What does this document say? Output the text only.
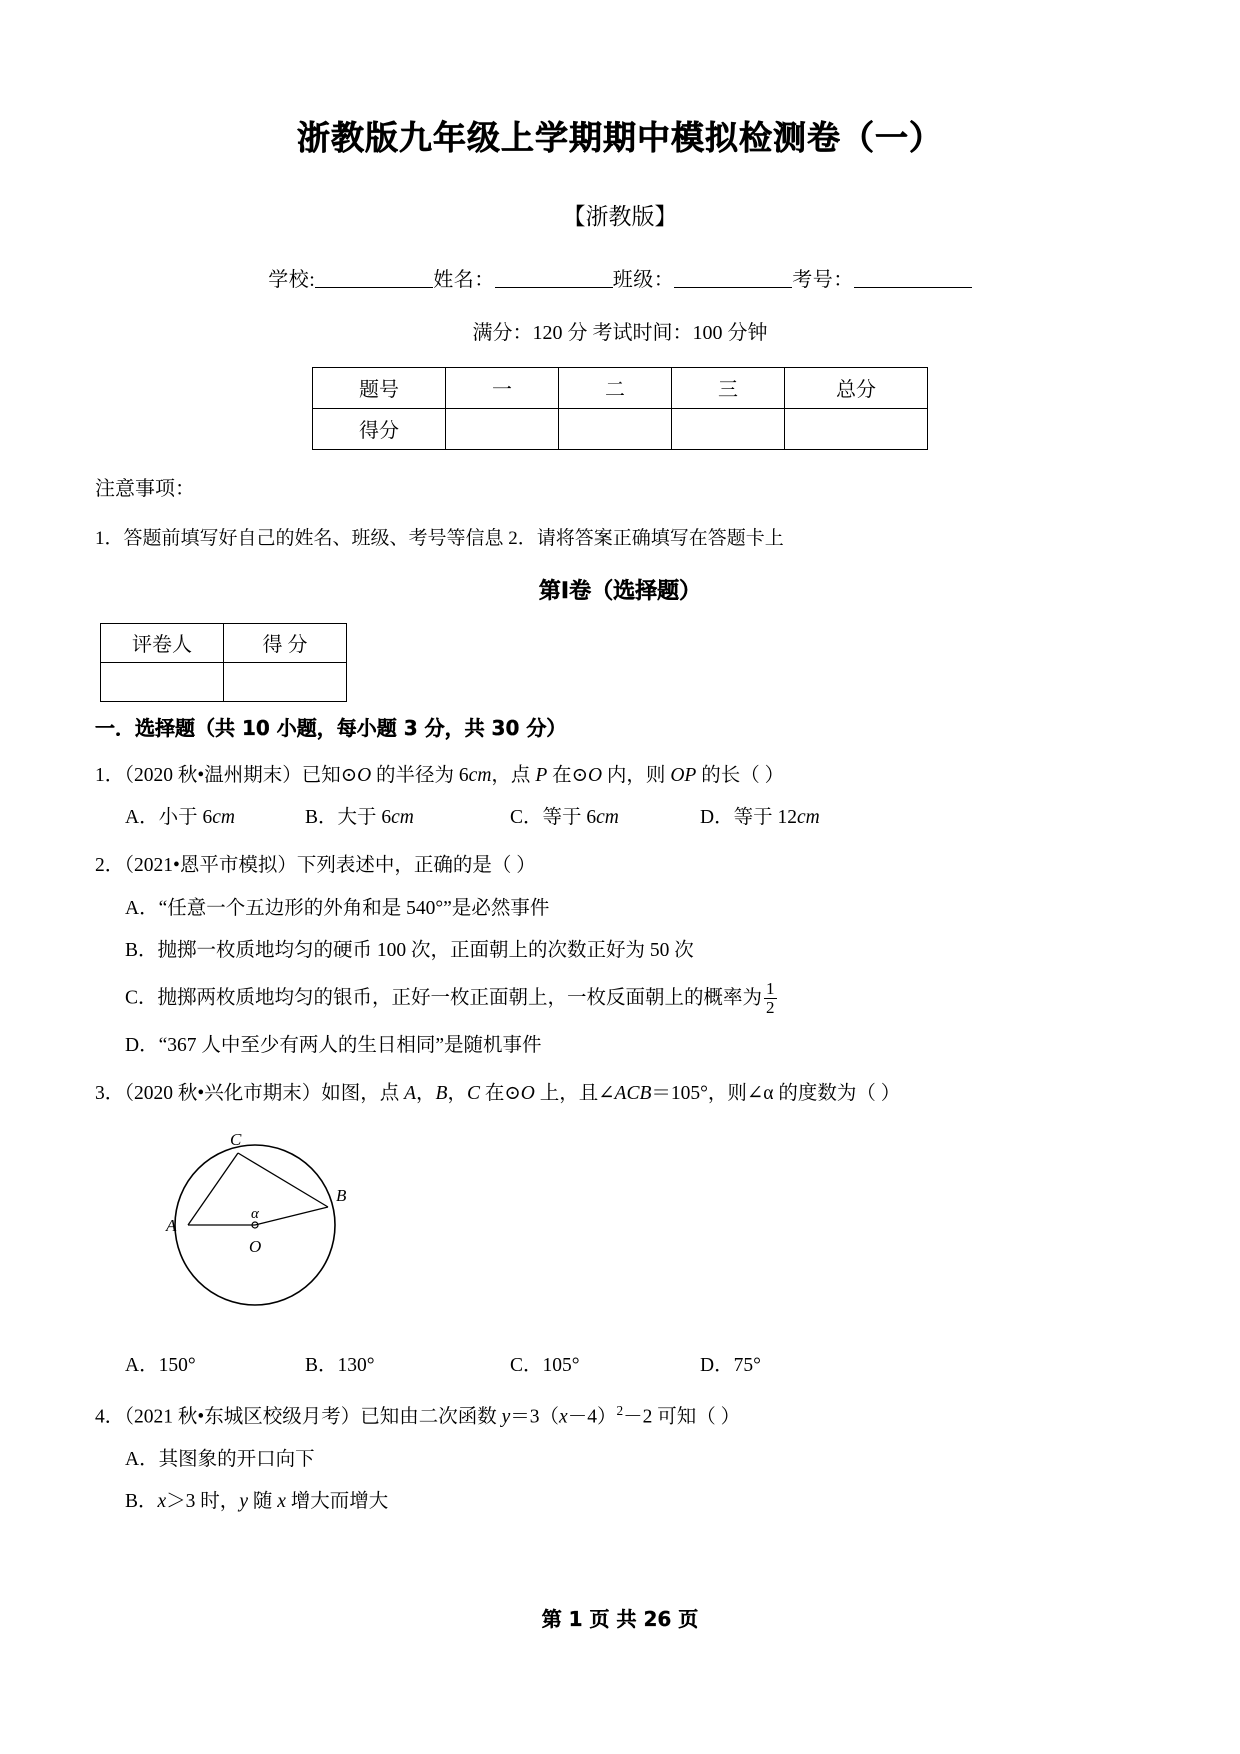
浙教版九年级上学期期中模拟检测卷（一）
【浙教版】
学校:	姓名：	班级：	考号：
满分：120 分 考试时间：100 分钟
题号	一	二	三	总分
得分				
注意事项：
1．答题前填写好自己的姓名、班级、考号等信息 2．请将答案正确填写在答题卡上
第Ⅰ卷（选择题）
评卷人	得 分

一．选择题（共 10 小题，每小题 3 分，共 30 分）
1．（2020 秋•温州期末）已知⊙O 的半径为 6cm，点 P 在⊙O 内，则 OP 的长（ ）
A．小于 6cm	B．大于 6cm	C．等于 6cm	D．等于 12cm
2．（2021•恩平市模拟）下列表述中，正确的是（ ）
A．“任意一个五边形的外角和是 540°”是必然事件
B．抛掷一枚质地均匀的硬币 100 次，正面朝上的次数正好为 50 次
C．抛掷两枚质地均匀的银币，正好一枚正面朝上，一枚反面朝上的概率为 $\frac{1}{2}$
D．“367 人中至少有两人的生日相同”是随机事件
3．（2020 秋•兴化市期末）如图，点 A，B，C 在⊙O 上，且∠ACB＝105°，则∠α 的度数为（ ）
A
B
C
O
α
A．150°	B．130°	C．105°	D．75°
4．（2021 秋•东城区校级月考）已知由二次函数 $y=3(x-4)^2-2$ 可知（ ）
A．其图象的开口向下
B．x＞3 时，y 随 x 增大而增大
第 1 页 共 26 页
